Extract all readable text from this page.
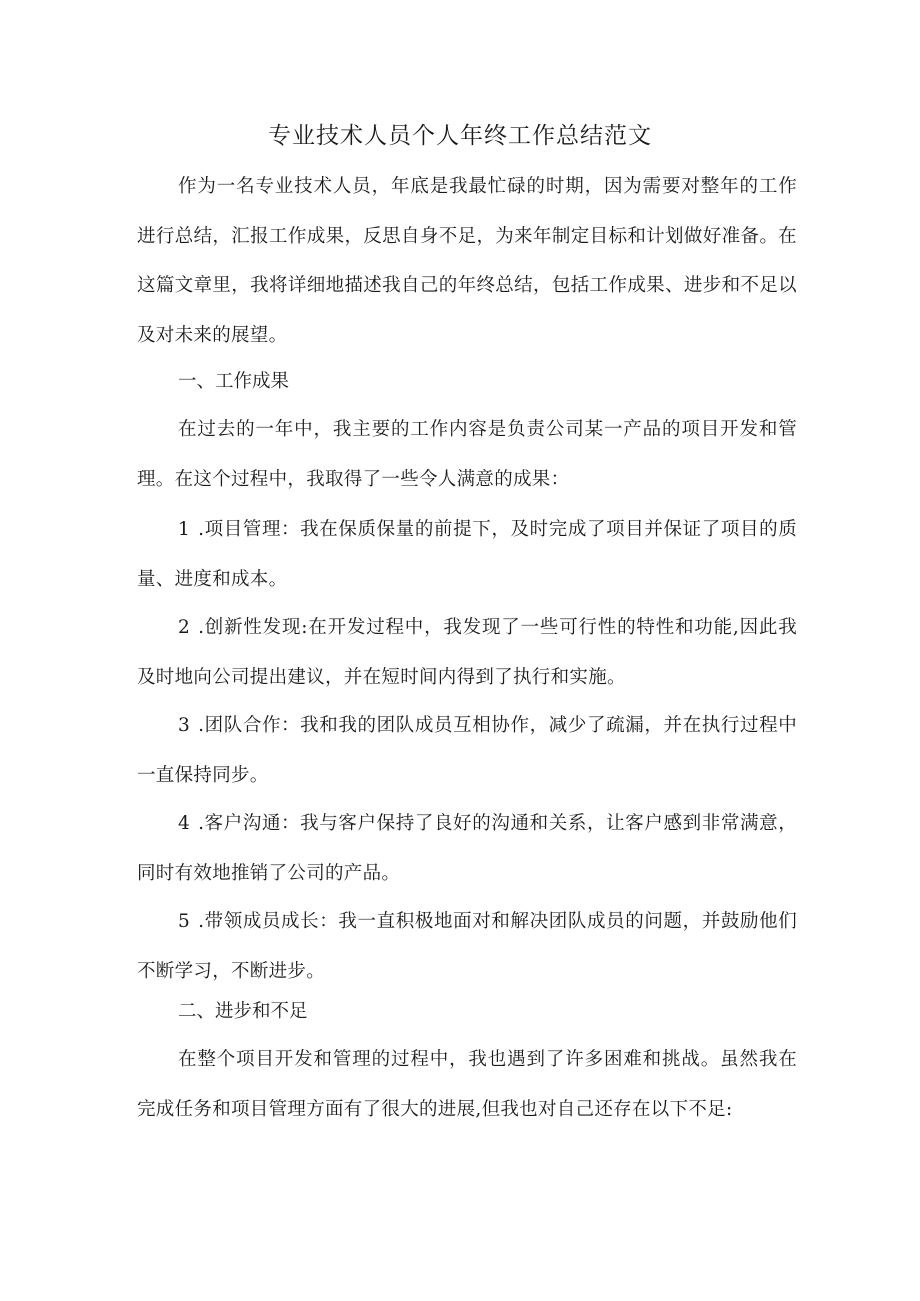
专业技术人员个人年终工作总结范文

作为一名专业技术人员，年底是我最忙碌的时期，因为需要对整年的工作进行总结，汇报工作成果，反思自身不足，为来年制定目标和计划做好准备。在这篇文章里，我将详细地描述我自己的年终总结，包括工作成果、进步和不足以及对未来的展望。

一、工作成果

在过去的一年中，我主要的工作内容是负责公司某一产品的项目开发和管理。在这个过程中，我取得了一些令人满意的成果：

1 .项目管理：我在保质保量的前提下，及时完成了项目并保证了项目的质量、进度和成本。

2 .创新性发现:在开发过程中，我发现了一些可行性的特性和功能,因此我及时地向公司提出建议，并在短时间内得到了执行和实施。

3 .团队合作：我和我的团队成员互相协作，减少了疏漏，并在执行过程中一直保持同步。

4 .客户沟通：我与客户保持了良好的沟通和关系，让客户感到非常满意，同时有效地推销了公司的产品。

5 .带领成员成长：我一直积极地面对和解决团队成员的问题，并鼓励他们不断学习，不断进步。

二、进步和不足

在整个项目开发和管理的过程中，我也遇到了许多困难和挑战。虽然我在完成任务和项目管理方面有了很大的进展,但我也对自己还存在以下不足:
